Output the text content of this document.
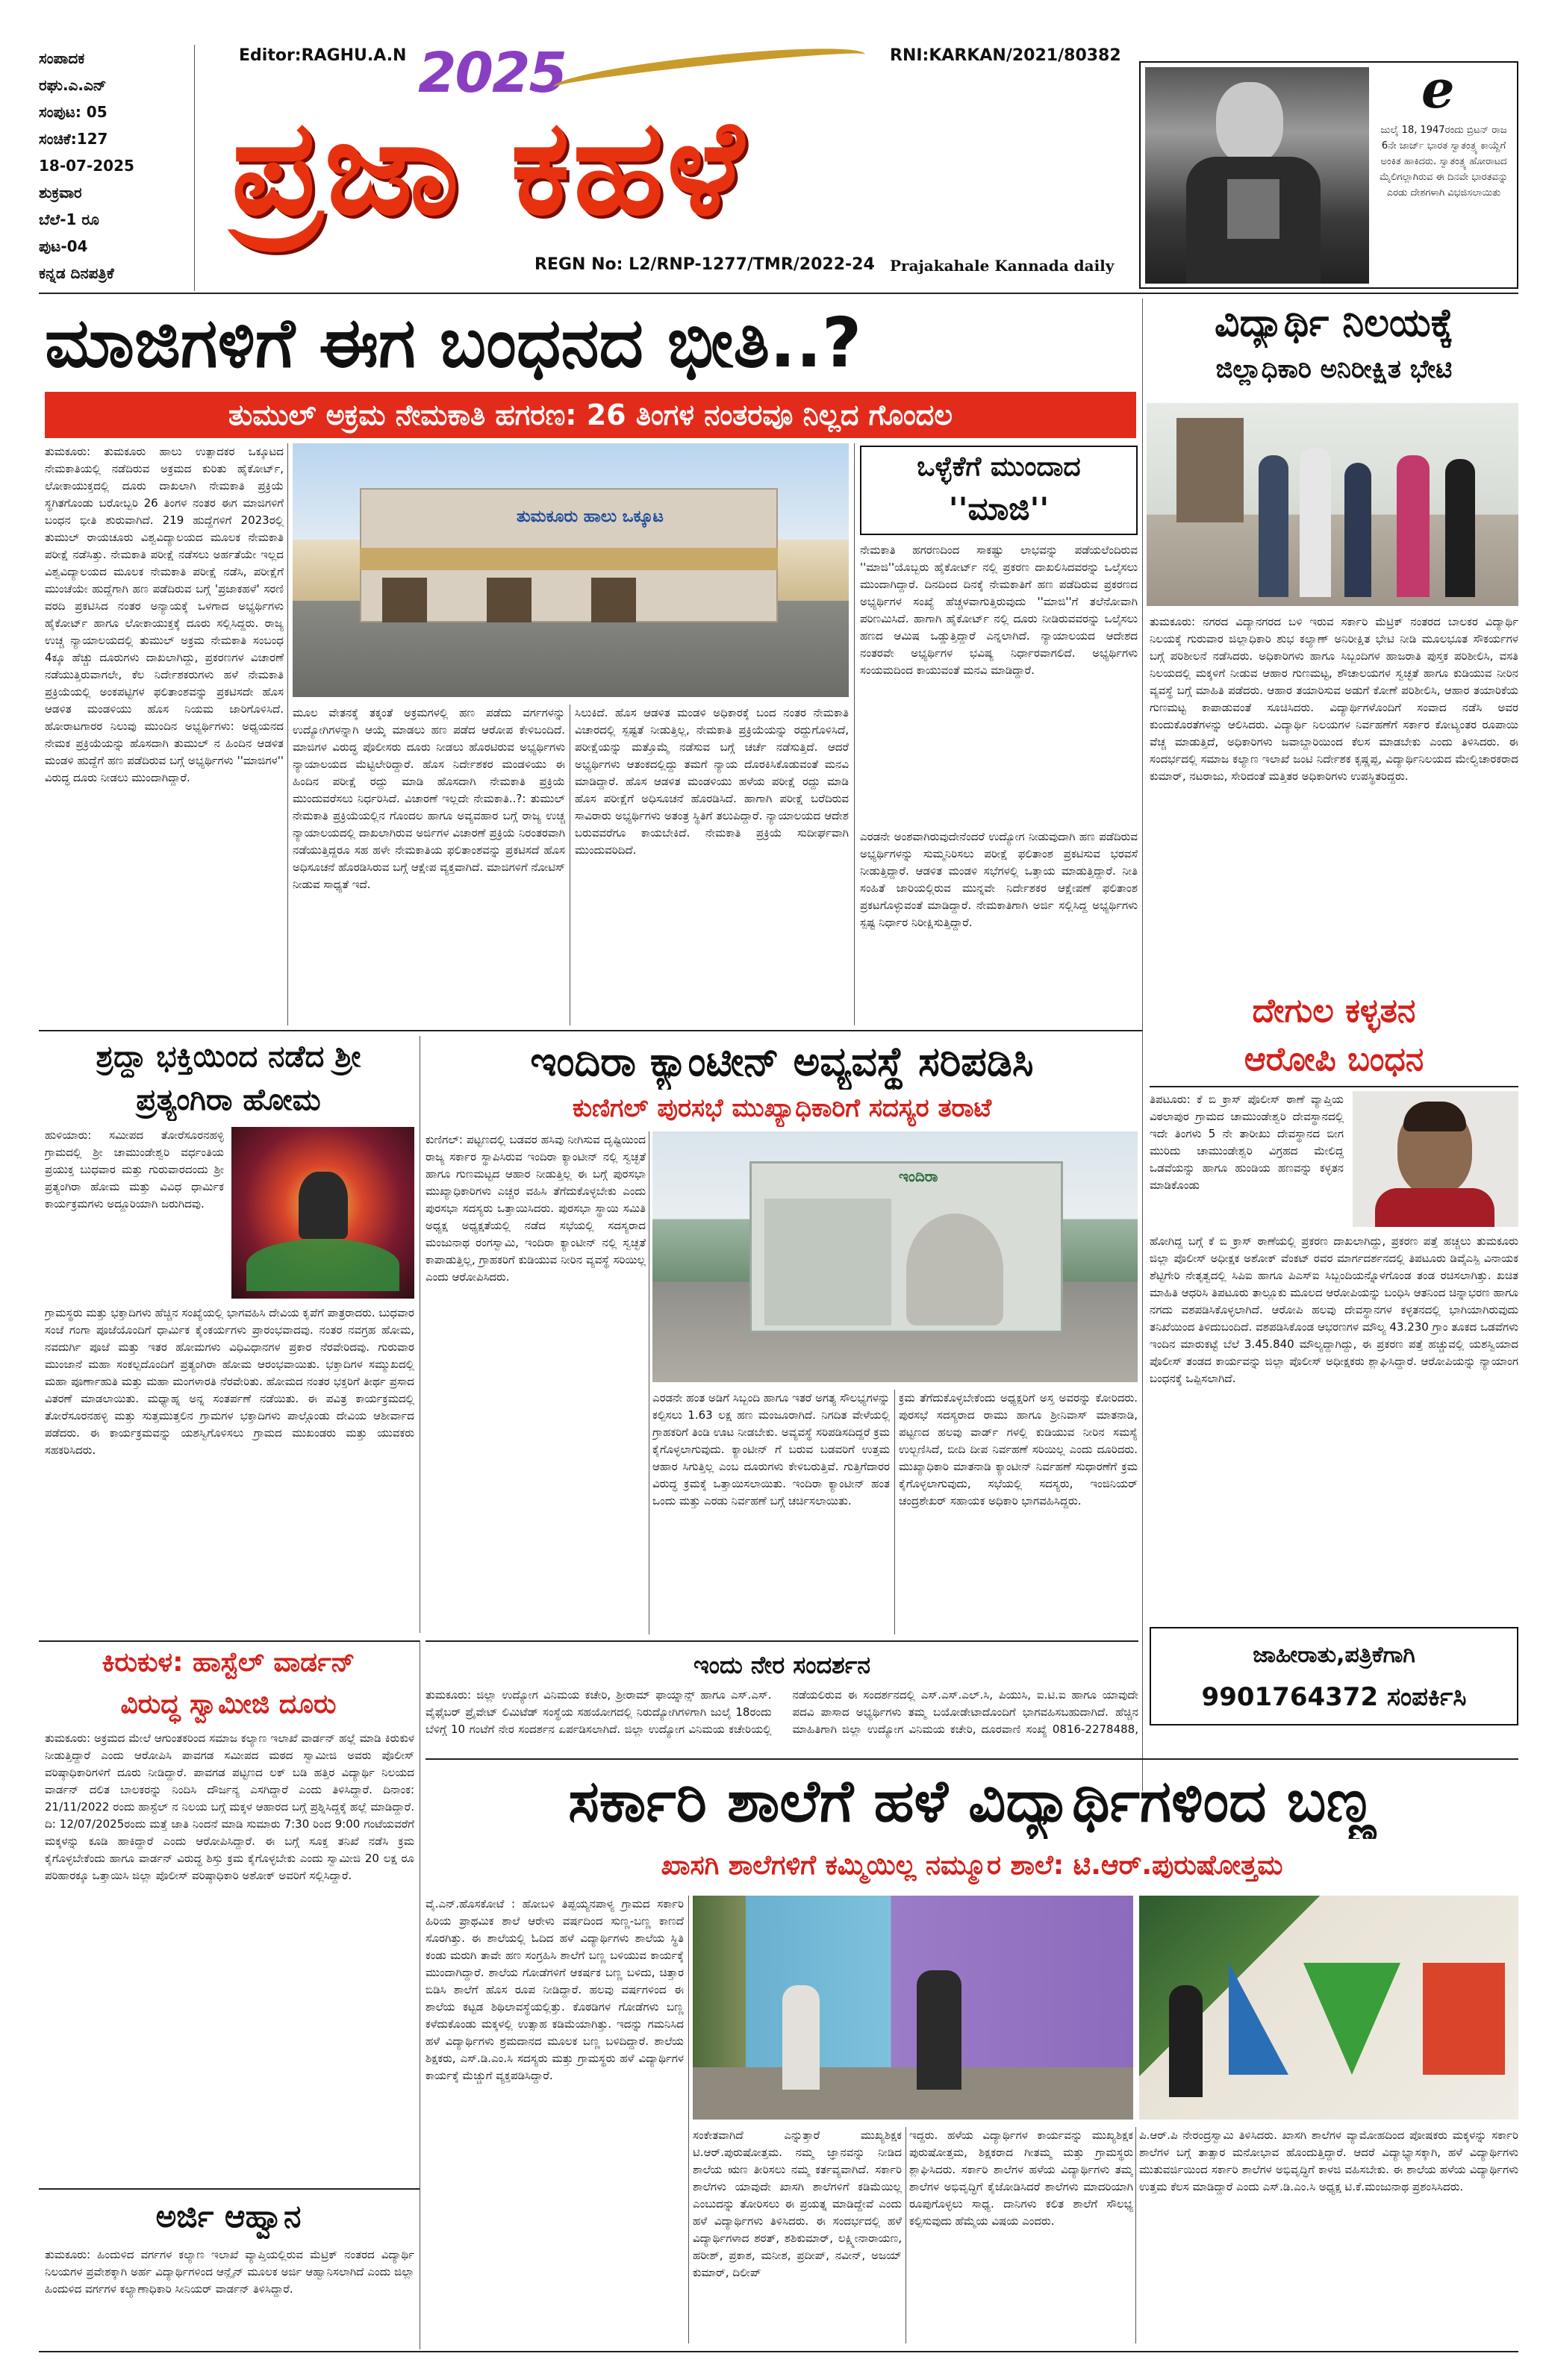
ಸಂಪಾದಕ
ರಘು.ಎ.ಎನ್
ಸಂಪುಟ: 05
ಸಂಚಿಕೆ:127
18-07-2025
ಶುಕ್ರವಾರ
ಬೆಲೆ-1 ರೂ
ಪುಟ-04
ಕನ್ನಡ ದಿನಪತ್ರಿಕೆ
Editor:RAGHU.A.N	RNI:KARKAN/2021/80382
2025
ಪ್ರಜಾ ಕಹಳೆ
REGN No: L2/RNP-1277/TMR/2022-24 Prajakahale Kannada daily
e
ಜುಲೈ 18, 1947ರಂದು ಬ್ರಿಟನ್ ರಾಜ 6ನೇ ಜಾರ್ಜ್ ಭಾರತ ಸ್ವಾತಂತ್ರ್ಯ ಕಾಯ್ದೆಗೆ ಅಂಕಿತ ಹಾಕಿದರು. ಸ್ವಾತಂತ್ರ್ಯ ಹೋರಾಟದ ಮೈಲಿಗಲ್ಲಾಗಿರುವ ಈ ದಿನವೇ ಭಾರತವನ್ನು ಎರಡು ದೇಶಗಳಾಗಿ ವಿಭಜಿಸಲಾಯಿತು
ಮಾಜಿಗಳಿಗೆ ಈಗ ಬಂಧನದ ಭೀತಿ..?
ತುಮುಲ್ ಅಕ್ರಮ ನೇಮಕಾತಿ ಹಗರಣ: 26 ತಿಂಗಳ ನಂತರವೂ ನಿಲ್ಲದ ಗೊಂದಲ
ತುಮಕೂರು: ತುಮಕೂರು ಹಾಲು ಉತ್ಪಾದಕರ ಒಕ್ಕೂಟದ ನೇಮಕಾತಿಯಲ್ಲಿ ನಡೆದಿರುವ ಅಕ್ರಮದ ಕುರಿತು ಹೈಕೋರ್ಟ್, ಲೋಕಾಯುಕ್ತದಲ್ಲಿ ದೂರು ದಾಖಲಾಗಿ ನೇಮಕಾತಿ ಪ್ರಕ್ರಿಯೆ ಸ್ಥಗಿತಗೊಂಡು ಬರೋಬ್ಬರಿ 26 ತಿಂಗಳ ನಂತರ ಈಗ ಮಾಜಿಗಳಿಗೆ ಬಂಧನ ಭೀತಿ ಶುರುವಾಗಿದೆ. 219 ಹುದ್ದೆಗಳಿಗೆ 2023ರಲ್ಲಿ ತುಮುಲ್ ರಾಯಚೂರು ವಿಶ್ವವಿದ್ಯಾಲಯದ ಮೂಲಕ ನೇಮಕಾತಿ ಪರೀಕ್ಷೆ ನಡೆಸಿತ್ತು. ನೇಮಕಾತಿ ಪರೀಕ್ಷೆ ನಡೆಸಲು ಅರ್ಹತೆಯೇ ಇಲ್ಲದ ವಿಶ್ವವಿದ್ಯಾಲಯದ ಮೂಲಕ ನೇಮಕಾತಿ ಪರೀಕ್ಷೆ ನಡೆಸಿ, ಪರೀಕ್ಷೆಗೆ ಮುಂಚೆಯೇ ಹುದ್ದೆಗಾಗಿ ಹಣ ಪಡೆದಿರುವ ಬಗ್ಗೆ 'ಪ್ರಜಾಕಹಳೆ' ಸರಣಿ ವರದಿ ಪ್ರಕಟಿಸಿದ ನಂತರ ಅನ್ಯಾಯಕ್ಕೆ ಒಳಗಾದ ಅಭ್ಯರ್ಥಿಗಳು ಹೈಕೋರ್ಟ್ ಹಾಗೂ ಲೋಕಾಯುಕ್ತಕ್ಕೆ ದೂರು ಸಲ್ಲಿಸಿದ್ದರು. ರಾಜ್ಯ ಉಚ್ಚ ನ್ಯಾಯಾಲಯದಲ್ಲಿ ತುಮುಲ್ ಅಕ್ರಮ ನೇಮಕಾತಿ ಸಂಬಂಧ 4ಕ್ಕೂ ಹೆಚ್ಚು ದೂರುಗಳು ದಾಖಲಾಗಿದ್ದು, ಪ್ರಕರಣಗಳ ವಿಚಾರಣೆ ನಡೆಯುತ್ತಿರುವಾಗಲೇ, ಕೆಲ ನಿರ್ದೇಶಕರುಗಳು ಹಳೆ ನೇಮಕಾತಿ ಪ್ರಕ್ರಿಯೆಯಲ್ಲಿ ಅಂಕಪಟ್ಟಿಗಳ ಫಲಿತಾಂಶವನ್ನು ಪ್ರಕಟಿಸದೇ ಹೊಸ ಆಡಳಿತ ಮಂಡಳಿಯು ಹೊಸ ನಿಯಮ ಜಾರಿಗೊಳಿಸಿದೆ. ಹೋರಾಟಗಾರರ ನಿಲುವು ಮುಂದಿನ ಅಭ್ಯರ್ಥಿಗಳು: ಅಧ್ಯಯನದ ನೇಮಕ ಪ್ರಕ್ರಿಯೆಯನ್ನು ಹೊಸದಾಗಿ ತುಮುಲ್ ನ ಹಿಂದಿನ ಆಡಳಿತ ಮಂಡಳಿ ಹುದ್ದೆಗೆ ಹಣ ಪಡೆದಿರುವ ಬಗ್ಗೆ ಅಭ್ಯರ್ಥಿಗಳು ''ಮಾಜಿಗಳ'' ವಿರುದ್ಧ ದೂರು ನೀಡಲು ಮುಂದಾಗಿದ್ದಾರೆ.
ತುಮಕೂರು ಹಾಲು ಒಕ್ಕೂಟ
ಮೂಲ ವೇತನಕ್ಕೆ ತಕ್ಕಂತೆ ಅಕ್ರಮಗಳಲ್ಲಿ ಹಣ ಪಡೆದು ವರ್ಗಗಳನ್ನು ಉದ್ಯೋಗಿಗಳನ್ನಾಗಿ ಆಯ್ಕೆ ಮಾಡಲು ಹಣ ಪಡೆದ ಆರೋಪ ಕೇಳಿಬಂದಿದೆ. ಮಾಜಿಗಳ ವಿರುದ್ಧ ಪೊಲೀಸರು ದೂರು ನೀಡಲು ಹೊರಟಿರುವ ಅಭ್ಯರ್ಥಿಗಳು ನ್ಯಾಯಾಲಯದ ಮೆಟ್ಟಿಲೇರಿದ್ದಾರೆ. ಹೊಸ ನಿರ್ದೇಶಕರ ಮಂಡಳಿಯು ಈ ಹಿಂದಿನ ಪರೀಕ್ಷೆ ರದ್ದು ಮಾಡಿ ಹೊಸದಾಗಿ ನೇಮಕಾತಿ ಪ್ರಕ್ರಿಯೆ ಮುಂದುವರೆಸಲು ನಿರ್ಧರಿಸಿದೆ. ವಿಚಾರಣೆ ಇಲ್ಲದೇ ನೇಮಕಾತಿ..?: ತುಮುಲ್ ನೇಮಕಾತಿ ಪ್ರಕ್ರಿಯೆಯಲ್ಲಿನ ಗೊಂದಲ ಹಾಗೂ ಅವ್ಯವಹಾರ ಬಗ್ಗೆ ರಾಜ್ಯ ಉಚ್ಚ ನ್ಯಾಯಾಲಯದಲ್ಲಿ ದಾಖಲಾಗಿರುವ ಅರ್ಜಿಗಳ ವಿಚಾರಣೆ ಪ್ರಕ್ರಿಯೆ ನಿರಂತರವಾಗಿ ನಡೆಯುತ್ತಿದ್ದರೂ ಸಹ ಹಳೇ ನೇಮಕಾತಿಯ ಫಲಿತಾಂಶವನ್ನು ಪ್ರಕಟಿಸದೆ ಹೊಸ ಅಧಿಸೂಚನೆ ಹೊರಡಿಸಿರುವ ಬಗ್ಗೆ ಆಕ್ಷೇಪ ವ್ಯಕ್ತವಾಗಿದೆ. ಮಾಜಿಗಳಿಗೆ ನೋಟಿಸ್ ನೀಡುವ ಸಾಧ್ಯತೆ ಇದೆ.
ಸಿಲುಕಿದೆ. ಹೊಸ ಆಡಳಿತ ಮಂಡಳಿ ಅಧಿಕಾರಕ್ಕೆ ಬಂದ ನಂತರ ನೇಮಕಾತಿ ವಿಚಾರದಲ್ಲಿ ಸ್ಪಷ್ಟತೆ ನೀಡುತ್ತಿಲ್ಲ, ನೇಮಕಾತಿ ಪ್ರಕ್ರಿಯೆಯನ್ನು ರದ್ದುಗೊಳಿಸಿದೆ, ಪರೀಕ್ಷೆಯನ್ನು ಮತ್ತೊಮ್ಮೆ ನಡೆಸುವ ಬಗ್ಗೆ ಚರ್ಚೆ ನಡೆಸುತ್ತಿದೆ. ಆದರೆ ಅಭ್ಯರ್ಥಿಗಳು ಆತಂಕದಲ್ಲಿದ್ದು ತಮಗೆ ನ್ಯಾಯ ದೊರಕಿಸಿಕೊಡುವಂತೆ ಮನವಿ ಮಾಡಿದ್ದಾರೆ. ಹೊಸ ಆಡಳಿತ ಮಂಡಳಿಯು ಹಳೆಯ ಪರೀಕ್ಷೆ ರದ್ದು ಮಾಡಿ ಹೊಸ ಪರೀಕ್ಷೆಗೆ ಅಧಿಸೂಚನೆ ಹೊರಡಿಸಿದೆ. ಹಾಗಾಗಿ ಪರೀಕ್ಷೆ ಬರೆದಿರುವ ಸಾವಿರಾರು ಅಭ್ಯರ್ಥಿಗಳು ಅತಂತ್ರ ಸ್ಥಿತಿಗೆ ತಲುಪಿದ್ದಾರೆ. ನ್ಯಾಯಾಲಯದ ಆದೇಶ ಬರುವವರೆಗೂ ಕಾಯಬೇಕಿದೆ. ನೇಮಕಾತಿ ಪ್ರಕ್ರಿಯೆ ಸುದೀರ್ಘವಾಗಿ ಮುಂದುವರಿದಿದೆ.
ಒಳ್ಳೆಕೆಗೆ ಮುಂದಾದ
''ಮಾಜಿ''
ನೇಮಕಾತಿ ಹಗರಣದಿಂದ ಸಾಕಷ್ಟು ಲಾಭವನ್ನು ಪಡೆಯಲೆಂದಿರುವ ''ಮಾಜಿ''ಯೊಬ್ಬರು ಹೈಕೋರ್ಟ್ ನಲ್ಲಿ ಪ್ರಕರಣ ದಾಖಲಿಸಿದವರನ್ನು ಒಲೈಸಲು ಮುಂದಾಗಿದ್ದಾರೆ. ದಿನದಿಂದ ದಿನಕ್ಕೆ ನೇಮಕಾತಿಗೆ ಹಣ ಪಡೆದಿರುವ ಪ್ರಕರಣದ ಅಭ್ಯರ್ಥಿಗಳ ಸಂಖ್ಯೆ ಹೆಚ್ಚಳವಾಗುತ್ತಿರುವುದು ''ಮಾಜಿ''ಗೆ ತಲೆನೋವಾಗಿ ಪರಿಣಮಿಸಿದೆ. ಹಾಗಾಗಿ ಹೈಕೋರ್ಟ್ ನಲ್ಲಿ ದೂರು ನೀಡಿರುವವರನ್ನು ಒಲೈಸಲು ಹಣದ ಆಮಿಷ ಒಡ್ಡುತ್ತಿದ್ದಾರೆ ಎನ್ನಲಾಗಿದೆ. ನ್ಯಾಯಾಲಯದ ಆದೇಶದ ನಂತರವೇ ಅಭ್ಯರ್ಥಿಗಳ ಭವಿಷ್ಯ ನಿರ್ಧಾರವಾಗಲಿದೆ. ಅಭ್ಯರ್ಥಿಗಳು ಸಂಯಮದಿಂದ ಕಾಯುವಂತೆ ಮನವಿ ಮಾಡಿದ್ದಾರೆ.
ಎರಡನೇ ಅಂಶವಾಗಿರುವುದೇನೆಂದರೆ ಉದ್ಯೋಗ ನೀಡುವುದಾಗಿ ಹಣ ಪಡೆದಿರುವ ಅಭ್ಯರ್ಥಿಗಳನ್ನು ಸುಮ್ಮನಿರಿಸಲು ಪರೀಕ್ಷೆ ಫಲಿತಾಂಶ ಪ್ರಕಟಿಸುವ ಭರವಸೆ ನೀಡುತ್ತಿದ್ದಾರೆ. ಆಡಳಿತ ಮಂಡಳಿ ಸಭೆಗಳಲ್ಲಿ ಒತ್ತಾಯ ಮಾಡುತ್ತಿದ್ದಾರೆ. ನೀತಿ ಸಂಹಿತೆ ಜಾರಿಯಲ್ಲಿರುವ ಮುನ್ನವೇ ನಿರ್ದೇಶಕರ ಆಕ್ಷೇಪಣೆ ಫಲಿತಾಂಶ ಪ್ರಕಟಗೊಳ್ಳುವಂತೆ ಮಾಡಿದ್ದಾರೆ. ನೇಮಕಾತಿಗಾಗಿ ಅರ್ಜಿ ಸಲ್ಲಿಸಿದ್ದ ಅಭ್ಯರ್ಥಿಗಳು ಸ್ಪಷ್ಟ ನಿರ್ಧಾರ ನಿರೀಕ್ಷಿಸುತ್ತಿದ್ದಾರೆ.
ವಿದ್ಯಾರ್ಥಿ ನಿಲಯಕ್ಕೆ
ಜಿಲ್ಲಾಧಿಕಾರಿ ಅನಿರೀಕ್ಷಿತ ಭೇಟಿ
ತುಮಕೂರು: ನಗರದ ವಿದ್ಯಾನಗರದ ಬಳಿ ಇರುವ ಸರ್ಕಾರಿ ಮೆಟ್ರಿಕ್ ನಂತರದ ಬಾಲಕರ ವಿದ್ಯಾರ್ಥಿ ನಿಲಯಕ್ಕೆ ಗುರುವಾರ ಜಿಲ್ಲಾಧಿಕಾರಿ ಶುಭ ಕಲ್ಯಾಣ್ ಅನಿರೀಕ್ಷಿತ ಭೇಟಿ ನೀಡಿ ಮೂಲಭೂತ ಸೌಕರ್ಯಗಳ ಬಗ್ಗೆ ಪರಿಶೀಲನೆ ನಡೆಸಿದರು. ಅಧಿಕಾರಿಗಳು ಹಾಗೂ ಸಿಬ್ಬಂದಿಗಳ ಹಾಜರಾತಿ ಪುಸ್ತಕ ಪರಿಶೀಲಿಸಿ, ವಸತಿ ನಿಲಯದಲ್ಲಿ ಮಕ್ಕಳಿಗೆ ನೀಡುವ ಆಹಾರ ಗುಣಮಟ್ಟ, ಶೌಚಾಲಯಗಳ ಸ್ವಚ್ಛತೆ ಹಾಗೂ ಕುಡಿಯುವ ನೀರಿನ ವ್ಯವಸ್ಥೆ ಬಗ್ಗೆ ಮಾಹಿತಿ ಪಡೆದರು. ಆಹಾರ ತಯಾರಿಸುವ ಅಡುಗೆ ಕೋಣೆ ಪರಿಶೀಲಿಸಿ, ಆಹಾರ ತಯಾರಿಕೆಯ ಗುಣಮಟ್ಟ ಕಾಪಾಡುವಂತೆ ಸೂಚಿಸಿದರು. ವಿದ್ಯಾರ್ಥಿಗಳೊಂದಿಗೆ ಸಂವಾದ ನಡೆಸಿ ಅವರ ಕುಂದುಕೊರತೆಗಳನ್ನು ಆಲಿಸಿದರು. ವಿದ್ಯಾರ್ಥಿ ನಿಲಯಗಳ ನಿರ್ವಹಣೆಗೆ ಸರ್ಕಾರ ಕೋಟ್ಯಂತರ ರೂಪಾಯಿ ವೆಚ್ಚ ಮಾಡುತ್ತಿದೆ, ಅಧಿಕಾರಿಗಳು ಜವಾಬ್ದಾರಿಯಿಂದ ಕೆಲಸ ಮಾಡಬೇಕು ಎಂದು ತಿಳಿಸಿದರು. ಈ ಸಂದರ್ಭದಲ್ಲಿ ಸಮಾಜ ಕಲ್ಯಾಣ ಇಲಾಖೆ ಜಂಟಿ ನಿರ್ದೇಶಕ ಕೃಷ್ಣಪ್ಪ, ವಿದ್ಯಾರ್ಥಿನಿಲಯದ ಮೇಲ್ವಿಚಾರಕರಾದ ಕುಮಾರ್, ನಟರಾಜು, ಸೇರಿದಂತೆ ಮತ್ತಿತರ ಅಧಿಕಾರಿಗಳು ಉಪಸ್ಥಿತರಿದ್ದರು.
ದೇಗುಲ ಕಳ್ಳತನ
ಆರೋಪಿ ಬಂಧನ
ತಿಪಟೂರು: ಕೆ ಬಿ ಕ್ರಾಸ್ ಪೊಲೀಸ್ ಠಾಣೆ ವ್ಯಾಪ್ತಿಯ ವಿಠಲಾಪುರ ಗ್ರಾಮದ ಚಾಮುಂಡೇಶ್ವರಿ ದೇವಸ್ಥಾನದಲ್ಲಿ ಇದೇ ತಿಂಗಳು 5 ನೇ ತಾರೀಖು ದೇವಸ್ಥಾನದ ಬೀಗ ಮುರಿದು ಚಾಮುಂಡೇಶ್ವರಿ ವಿಗ್ರಹದ ಮೇಲಿದ್ದ ಒಡವೆಯನ್ನು ಹಾಗೂ ಹುಂಡಿಯ ಹಣವನ್ನು ಕಳ್ಳತನ ಮಾಡಿಕೊಂಡು
ಹೋಗಿದ್ದ ಬಗ್ಗೆ ಕೆ ಬಿ ಕ್ರಾಸ್ ಠಾಣೆಯಲ್ಲಿ ಪ್ರಕರಣ ದಾಖಲಾಗಿದ್ದು, ಪ್ರಕರಣ ಪತ್ತೆ ಹಚ್ಚಲು ತುಮಕೂರು ಜಿಲ್ಲಾ ಪೊಲೀಸ್ ಅಧೀಕ್ಷಕ ಅಶೋಕ್ ವೆಂಕಟ್ ರವರ ಮಾರ್ಗದರ್ಶನದಲ್ಲಿ ತಿಪಟೂರು ಡಿವೈಎಸ್ಪಿ ವಿನಾಯಕ ಶೆಟ್ಟಿಗೇರಿ ನೇತೃತ್ವದಲ್ಲಿ ಸಿಪಿಐ ಹಾಗೂ ಪಿಎಸ್ಐ ಸಿಬ್ಬಂದಿಯನ್ನೊಳಗೊಂಡ ತಂಡ ರಚಿಸಲಾಗಿತ್ತು. ಖಚಿತ ಮಾಹಿತಿ ಆಧರಿಸಿ ತಿಪಟೂರು ತಾಲ್ಲೂಕು ಮೂಲದ ಆರೋಪಿಯನ್ನು ಬಂಧಿಸಿ ಆತನಿಂದ ಚಿನ್ನಾಭರಣ ಹಾಗೂ ನಗದು ವಶಪಡಿಸಿಕೊಳ್ಳಲಾಗಿದೆ. ಆರೋಪಿ ಹಲವು ದೇವಸ್ಥಾನಗಳ ಕಳ್ಳತನದಲ್ಲಿ ಭಾಗಿಯಾಗಿರುವುದು ತನಿಖೆಯಿಂದ ತಿಳಿದುಬಂದಿದೆ. ವಶಪಡಿಸಿಕೊಂಡ ಆಭರಣಗಳ ಮೌಲ್ಯ 43.230 ಗ್ರಾಂ ತೂಕದ ಒಡವೆಗಳು ಇಂದಿನ ಮಾರುಕಟ್ಟೆ ಬೆಲೆ 3.45.840 ಮೌಲ್ಯದ್ದಾಗಿದ್ದು, ಈ ಪ್ರಕರಣ ಪತ್ತೆ ಹಚ್ಚುವಲ್ಲಿ ಯಶಸ್ವಿಯಾದ ಪೊಲೀಸ್ ತಂಡದ ಕಾರ್ಯವನ್ನು ಜಿಲ್ಲಾ ಪೊಲೀಸ್ ಅಧೀಕ್ಷಕರು ಶ್ಲಾಘಿಸಿದ್ದಾರೆ. ಆರೋಪಿಯನ್ನು ನ್ಯಾಯಾಂಗ ಬಂಧನಕ್ಕೆ ಒಪ್ಪಿಸಲಾಗಿದೆ.
ಜಾಹೀರಾತು,ಪತ್ರಿಕೆಗಾಗಿ
9901764372 ಸಂಪರ್ಕಿಸಿ
ಶ್ರದ್ಧಾ ಭಕ್ತಿಯಿಂದ ನಡೆದ ಶ್ರೀ
ಪ್ರತ್ಯಂಗಿರಾ ಹೋಮ
ಹುಳಿಯಾರು: ಸಮೀಪದ ತೋರೆಸೂರನಹಳ್ಳಿ ಗ್ರಾಮದಲ್ಲಿ ಶ್ರೀ ಚಾಮುಂಡೇಶ್ವರಿ ವರ್ಧಂತಿಯ ಪ್ರಯುಕ್ತ ಬುಧವಾರ ಮತ್ತು ಗುರುವಾರದಂದು ಶ್ರೀ ಪ್ರತ್ಯಂಗಿರಾ ಹೋಮ ಮತ್ತು ವಿವಿಧ ಧಾರ್ಮಿಕ ಕಾರ್ಯಕ್ರಮಗಳು ಅದ್ದೂರಿಯಾಗಿ ಜರುಗಿದವು.
ಗ್ರಾಮಸ್ಥರು ಮತ್ತು ಭಕ್ತಾದಿಗಳು ಹೆಚ್ಚಿನ ಸಂಖ್ಯೆಯಲ್ಲಿ ಭಾಗವಹಿಸಿ ದೇವಿಯ ಕೃಪೆಗೆ ಪಾತ್ರರಾದರು. ಬುಧವಾರ ಸಂಜೆ ಗಂಗಾ ಪೂಜೆಯೊಂದಿಗೆ ಧಾರ್ಮಿಕ ಕೈಂಕರ್ಯಗಳು ಪ್ರಾರಂಭವಾದವು. ನಂತರ ನವಗ್ರಹ ಹೋಮ, ನವದುರ್ಗಿ ಪೂಜೆ ಮತ್ತು ಇತರ ಹೋಮಗಳು ವಿಧಿವಿಧಾನಗಳ ಪ್ರಕಾರ ನೆರವೇರಿದವು. ಗುರುವಾರ ಮುಂಜಾನೆ ಮಹಾ ಸಂಕಲ್ಪದೊಂದಿಗೆ ಪ್ರತ್ಯಂಗಿರಾ ಹೋಮ ಆರಂಭವಾಯಿತು. ಭಕ್ತಾದಿಗಳ ಸಮ್ಮುಖದಲ್ಲಿ ಮಹಾ ಪೂರ್ಣಾಹುತಿ ಮತ್ತು ಮಹಾ ಮಂಗಳಾರತಿ ನೆರವೇರಿತು. ಹೋಮದ ನಂತರ ಭಕ್ತರಿಗೆ ತೀರ್ಥ ಪ್ರಸಾದ ವಿತರಣೆ ಮಾಡಲಾಯಿತು. ಮಧ್ಯಾಹ್ನ ಅನ್ನ ಸಂತರ್ಪಣೆ ನಡೆಯಿತು. ಈ ಪವಿತ್ರ ಕಾರ್ಯಕ್ರಮದಲ್ಲಿ ತೋರೆಸೂರನಹಳ್ಳಿ ಮತ್ತು ಸುತ್ತಮುತ್ತಲಿನ ಗ್ರಾಮಗಳ ಭಕ್ತಾದಿಗಳು ಪಾಲ್ಗೊಂಡು ದೇವಿಯ ಆಶೀರ್ವಾದ ಪಡೆದರು. ಈ ಕಾರ್ಯಕ್ರಮವನ್ನು ಯಶಸ್ವಿಗೊಳಿಸಲು ಗ್ರಾಮದ ಮುಖಂಡರು ಮತ್ತು ಯುವಕರು ಸಹಕರಿಸಿದರು.
ಇಂದಿರಾ ಕ್ಯಾಂಟೀನ್ ಅವ್ಯವಸ್ಥೆ ಸರಿಪಡಿಸಿ
ಕುಣಿಗಲ್ ಪುರಸಭೆ ಮುಖ್ಯಾಧಿಕಾರಿಗೆ ಸದಸ್ಯರ ತರಾಟೆ
ಕುಣಿಗಲ್: ಪಟ್ಟಣದಲ್ಲಿ ಬಡವರ ಹಸಿವು ನೀಗಿಸುವ ದೃಷ್ಟಿಯಿಂದ ರಾಜ್ಯ ಸರ್ಕಾರ ಸ್ಥಾಪಿಸಿರುವ ಇಂದಿರಾ ಕ್ಯಾಂಟೀನ್ ನಲ್ಲಿ ಸ್ವಚ್ಛತೆ ಹಾಗೂ ಗುಣಮಟ್ಟದ ಆಹಾರ ನೀಡುತ್ತಿಲ್ಲ ಈ ಬಗ್ಗೆ ಪುರಸಭಾ ಮುಖ್ಯಾಧಿಕಾರಿಗಳು ಎಚ್ಚರ ವಹಿಸಿ ತೆಗೆದುಕೊಳ್ಳಬೇಕು ಎಂದು ಪುರಸಭಾ ಸದಸ್ಯರು ಒತ್ತಾಯಿಸಿದರು. ಪುರಸಭಾ ಸ್ಥಾಯಿ ಸಮಿತಿ ಅಧ್ಯಕ್ಷ ಅಧ್ಯಕ್ಷತೆಯಲ್ಲಿ ನಡೆದ ಸಭೆಯಲ್ಲಿ ಸದಸ್ಯರಾದ ಮಂಜುನಾಥ ರಂಗಸ್ವಾಮಿ, ಇಂದಿರಾ ಕ್ಯಾಂಟೀನ್ ನಲ್ಲಿ ಸ್ವಚ್ಛತೆ ಕಾಪಾಡುತ್ತಿಲ್ಲ, ಗ್ರಾಹಕರಿಗೆ ಕುಡಿಯುವ ನೀರಿನ ವ್ಯವಸ್ಥೆ ಸರಿಯಿಲ್ಲ ಎಂದು ಆರೋಪಿಸಿದರು.
ಇಂದಿರಾ
ಎರಡನೇ ಹಂತ ಅಡಿಗೆ ಸಿಬ್ಬಂದಿ ಹಾಗೂ ಇತರೆ ಅಗತ್ಯ ಸೌಲಭ್ಯಗಳನ್ನು ಕಲ್ಪಿಸಲು 1.63 ಲಕ್ಷ ಹಣ ಮಂಜೂರಾಗಿದೆ. ನಿಗದಿತ ವೇಳೆಯಲ್ಲಿ ಗ್ರಾಹಕರಿಗೆ ತಿಂಡಿ ಊಟ ನೀಡಬೇಕು. ಅವ್ಯವಸ್ಥೆ ಸರಿಪಡಿಸದಿದ್ದರೆ ಕ್ರಮ ಕೈಗೊಳ್ಳಲಾಗುವುದು. ಕ್ಯಾಂಟೀನ್ ಗೆ ಬರುವ ಬಡವರಿಗೆ ಉತ್ತಮ ಆಹಾರ ಸಿಗುತ್ತಿಲ್ಲ ಎಂಬ ದೂರುಗಳು ಕೇಳಿಬರುತ್ತಿವೆ. ಗುತ್ತಿಗೆದಾರರ ವಿರುದ್ಧ ಕ್ರಮಕ್ಕೆ ಒತ್ತಾಯಿಸಲಾಯಿತು. ಇಂದಿರಾ ಕ್ಯಾಂಟೀನ್ ಹಂತ ಒಂದು ಮತ್ತು ಎರಡು ನಿರ್ವಹಣೆ ಬಗ್ಗೆ ಚರ್ಚಿಸಲಾಯಿತು.
ಕ್ರಮ ತೆಗೆದುಕೊಳ್ಳಬೇಕೆಂದು ಅಧ್ಯಕ್ಷರಿಗೆ ಅಸ್ತ ಅವರನ್ನು ಕೋರಿದರು. ಪುರಸಭೆ ಸದಸ್ಯರಾದ ರಾಮು ಹಾಗೂ ಶ್ರೀನಿವಾಸ್ ಮಾತನಾಡಿ, ಪಟ್ಟಣದ ಹಲವು ವಾರ್ಡ್ ಗಳಲ್ಲಿ ಕುಡಿಯುವ ನೀರಿನ ಸಮಸ್ಯೆ ಉಲ್ಬಣಿಸಿದೆ, ಬೀದಿ ದೀಪ ನಿರ್ವಹಣೆ ಸರಿಯಿಲ್ಲ ಎಂದು ದೂರಿದರು. ಮುಖ್ಯಾಧಿಕಾರಿ ಮಾತನಾಡಿ ಕ್ಯಾಂಟೀನ್ ನಿರ್ವಹಣೆ ಸುಧಾರಣೆಗೆ ಕ್ರಮ ಕೈಗೊಳ್ಳಲಾಗುವುದು, ಸಭೆಯಲ್ಲಿ ಸದಸ್ಯರು, ಇಂಜಿನಿಯರ್ ಚಂದ್ರಶೇಖರ್ ಸಹಾಯಕ ಅಧಿಕಾರಿ ಭಾಗವಹಿಸಿದ್ದರು.
ಇಂದು ನೇರ ಸಂದರ್ಶನ
ತುಮಕೂರು: ಜಿಲ್ಲಾ ಉದ್ಯೋಗ ವಿನಿಮಯ ಕಚೇರಿ, ಶ್ರೀರಾಮ್ ಫಾಯ್ನಾನ್ಸ್ ಹಾಗೂ ಎಸ್.ಎಸ್. ವೈಫೈಬರ್ ಪ್ರೈವೇಟ್ ಲಿಮಿಟೆಡ್ ಸಂಸ್ಥೆಯ ಸಹಯೋಗದಲ್ಲಿ ನಿರುದ್ಯೋಗಿಗಳಿಗಾಗಿ ಜುಲೈ 18ರಂದು ಬೆಳಿಗ್ಗೆ 10 ಗಂಟೆಗೆ ನೇರ ಸಂದರ್ಶನ ಏರ್ಪಡಿಸಲಾಗಿದೆ. ಜಿಲ್ಲಾ ಉದ್ಯೋಗ ವಿನಿಮಯ ಕಚೇರಿಯಲ್ಲಿ ನಡೆಯಲಿರುವ ಈ ಸಂದರ್ಶನದಲ್ಲಿ ಎಸ್.ಎಸ್.ಎಲ್.ಸಿ, ಪಿಯುಸಿ, ಐ.ಟಿ.ಐ ಹಾಗೂ ಯಾವುದೇ ಪದವಿ ಪಾಸಾದ ಅಭ್ಯರ್ಥಿಗಳು ತಮ್ಮ ಬಯೋಡೇಟಾದೊಂದಿಗೆ ಭಾಗವಹಿಸಬಹುದಾಗಿದೆ. ಹೆಚ್ಚಿನ ಮಾಹಿತಿಗಾಗಿ ಜಿಲ್ಲಾ ಉದ್ಯೋಗ ವಿನಿಮಯ ಕಚೇರಿ, ದೂರವಾಣಿ ಸಂಖ್ಯೆ 0816-2278488,
ಕಿರುಕುಳ: ಹಾಸ್ಟೆಲ್ ವಾರ್ಡನ್
ವಿರುದ್ಧ ಸ್ವಾಮೀಜಿ ದೂರು
ತುಮಕೂರು: ಅಕ್ರಮದ ಮೇಲೆ ಆಗುಂತಕರಿಂದ ಸಮಾಜ ಕಲ್ಯಾಣ ಇಲಾಖೆ ವಾರ್ಡನ್ ಹಲ್ಲೆ ಮಾಡಿ ಕಿರುಕುಳ ನೀಡುತ್ತಿದ್ದಾರೆ ಎಂದು ಆರೋಪಿಸಿ ಪಾವಗಡ ಸಮೀಪದ ಮಠದ ಸ್ವಾಮೀಜಿ ಅವರು ಪೊಲೀಸ್ ವರಿಷ್ಠಾಧಿಕಾರಿಗಳಿಗೆ ದೂರು ನೀಡಿದ್ದಾರೆ. ಪಾವಗಡ ಪಟ್ಟಣದ ಲಕ್ ಬಡಿ ಹತ್ತಿರ ವಿದ್ಯಾರ್ಥಿ ನಿಲಯದ ವಾರ್ಡನ್ ದಲಿತ ಬಾಲಕರನ್ನು ನಿಂದಿಸಿ ದೌರ್ಜನ್ಯ ಎಸಗಿದ್ದಾರೆ ಎಂದು ತಿಳಿಸಿದ್ದಾರೆ. ದಿನಾಂಕ: 21/11/2022 ರಂದು ಹಾಸ್ಟೆಲ್ ನ ನಿಲಯ ಬಗ್ಗೆ ಮಕ್ಕಳ ಆಹಾರದ ಬಗ್ಗೆ ಪ್ರಶ್ನಿಸಿದ್ದಕ್ಕೆ ಹಲ್ಲೆ ಮಾಡಿದ್ದಾರೆ. ದಿ: 12/07/2025ರಂದು ಮತ್ತೆ ಜಾತಿ ನಿಂದನೆ ಮಾಡಿ ಸುಮಾರು 7:30 ರಿಂದ 9:00 ಗಂಟೆಯವರೆಗೆ ಮಕ್ಕಳನ್ನು ಕೂಡಿ ಹಾಕಿದ್ದಾರೆ ಎಂದು ಆರೋಪಿಸಿದ್ದಾರೆ. ಈ ಬಗ್ಗೆ ಸೂಕ್ತ ತನಿಖೆ ನಡೆಸಿ ಕ್ರಮ ಕೈಗೊಳ್ಳಬೇಕೆಂದು ಹಾಗೂ ವಾರ್ಡನ್ ವಿರುದ್ಧ ಶಿಸ್ತು ಕ್ರಮ ಕೈಗೊಳ್ಳಬೇಕು ಎಂದು ಸ್ವಾಮೀಜಿ 20 ಲಕ್ಷ ರೂ ಪರಿಹಾರಕ್ಕೂ ಒತ್ತಾಯಿಸಿ ಜಿಲ್ಲಾ ಪೊಲೀಸ್ ವರಿಷ್ಠಾಧಿಕಾರಿ ಅಶೋಕ್ ಅವರಿಗೆ ಸಲ್ಲಿಸಿದ್ದಾರೆ.
ಅರ್ಜಿ ಆಹ್ವಾನ
ತುಮಕೂರು: ಹಿಂದುಳಿದ ವರ್ಗಗಳ ಕಲ್ಯಾಣ ಇಲಾಖೆ ವ್ಯಾಪ್ತಿಯಲ್ಲಿರುವ ಮೆಟ್ರಿಕ್ ನಂತರದ ವಿದ್ಯಾರ್ಥಿ ನಿಲಯಗಳ ಪ್ರವೇಶಕ್ಕಾಗಿ ಅರ್ಹ ವಿದ್ಯಾರ್ಥಿಗಳಿಂದ ಆನ್ಲೈನ್ ಮೂಲಕ ಅರ್ಜಿ ಆಹ್ವಾನಿಸಲಾಗಿದೆ ಎಂದು ಜಿಲ್ಲಾ ಹಿಂದುಳಿದ ವರ್ಗಗಳ ಕಲ್ಯಾಣಾಧಿಕಾರಿ ಸೀನಿಯರ್ ವಾರ್ಡನ್ ತಿಳಿಸಿದ್ದಾರೆ.
ಸರ್ಕಾರಿ ಶಾಲೆಗೆ ಹಳೆ ವಿದ್ಯಾರ್ಥಿಗಳಿಂದ ಬಣ್ಣ
ಖಾಸಗಿ ಶಾಲೆಗಳಿಗೆ ಕಮ್ಮಿಯಿಲ್ಲ ನಮ್ಮೂರ ಶಾಲೆ: ಟಿ.ಆರ್.ಪುರುಷೋತ್ತಮ
ವೈ.ಎನ್.ಹೊಸಕೋಟೆ : ಹೋಬಳಿ ತಿಪ್ಪಯ್ಯನಪಾಳ್ಯ ಗ್ರಾಮದ ಸರ್ಕಾರಿ ಹಿರಿಯ ಪ್ರಾಥಮಿಕ ಶಾಲೆ ಆರೇಳು ವರ್ಷದಿಂದ ಸುಣ್ಣ-ಬಣ್ಣ ಕಾಣದೆ ಸೊರಗಿತ್ತು. ಈ ಶಾಲೆಯಲ್ಲಿ ಓದಿದ ಹಳೆ ವಿದ್ಯಾರ್ಥಿಗಳು ಶಾಲೆಯ ಸ್ಥಿತಿ ಕಂಡು ಮರುಗಿ ತಾವೇ ಹಣ ಸಂಗ್ರಹಿಸಿ ಶಾಲೆಗೆ ಬಣ್ಣ ಬಳಿಯುವ ಕಾರ್ಯಕ್ಕೆ ಮುಂದಾಗಿದ್ದಾರೆ. ಶಾಲೆಯ ಗೋಡೆಗಳಿಗೆ ಆಕರ್ಷಕ ಬಣ್ಣ ಬಳಿದು, ಚಿತ್ತಾರ ಬಿಡಿಸಿ ಶಾಲೆಗೆ ಹೊಸ ರೂಪ ನೀಡಿದ್ದಾರೆ. ಹಲವು ವರ್ಷಗಳಿಂದ ಈ ಶಾಲೆಯ ಕಟ್ಟಡ ಶಿಥಿಲಾವಸ್ಥೆಯಲ್ಲಿತ್ತು. ಕೊಠಡಿಗಳ ಗೋಡೆಗಳು ಬಣ್ಣ ಕಳೆದುಕೊಂಡು ಮಕ್ಕಳಲ್ಲಿ ಉತ್ಸಾಹ ಕಡಿಮೆಯಾಗಿತ್ತು. ಇದನ್ನು ಗಮನಿಸಿದ ಹಳೆ ವಿದ್ಯಾರ್ಥಿಗಳು ಶ್ರಮದಾನದ ಮೂಲಕ ಬಣ್ಣ ಬಳಿದಿದ್ದಾರೆ. ಶಾಲೆಯ ಶಿಕ್ಷಕರು, ಎಸ್.ಡಿ.ಎಂ.ಸಿ ಸದಸ್ಯರು ಮತ್ತು ಗ್ರಾಮಸ್ಥರು ಹಳೆ ವಿದ್ಯಾರ್ಥಿಗಳ ಕಾರ್ಯಕ್ಕೆ ಮೆಚ್ಚುಗೆ ವ್ಯಕ್ತಪಡಿಸಿದ್ದಾರೆ.
ಸಂಕೇತವಾಗಿದೆ ಎನ್ನುತ್ತಾರೆ ಮುಖ್ಯಶಿಕ್ಷಕ ಟಿ.ಆರ್.ಪುರುಷೋತ್ತಮ. ನಮ್ಮ ಜ್ಞಾನವನ್ನು ನೀಡಿದ ಶಾಲೆಯ ಋಣ ತೀರಿಸಲು ನಮ್ಮ ಕರ್ತವ್ಯವಾಗಿದೆ. ಸರ್ಕಾರಿ ಶಾಲೆಗಳು ಯಾವುದೇ ಖಾಸಗಿ ಶಾಲೆಗಳಿಗೆ ಕಡಿಮೆಯಿಲ್ಲ ಎಂಬುದನ್ನು ತೋರಿಸಲು ಈ ಪ್ರಯತ್ನ ಮಾಡಿದ್ದೇವೆ ಎಂದು ಹಳೆ ವಿದ್ಯಾರ್ಥಿಗಳು ತಿಳಿಸಿದರು. ಈ ಸಂದರ್ಭದಲ್ಲಿ ಹಳೆ ವಿದ್ಯಾರ್ಥಿಗಳಾದ ಶರತ್, ಶಶಿಕುಮಾರ್, ಲಕ್ಷ್ಮೀನಾರಾಯಣ, ಹರೀಶ್, ಪ್ರಕಾಶ, ಮನೀಶ, ಪ್ರದೀಪ್, ನವೀನ್, ಅಜಯ್ ಕುಮಾರ್, ದಿಲೀಪ್
ಇದ್ದರು. ಹಳೆಯ ವಿದ್ಯಾರ್ಥಿಗಳ ಕಾರ್ಯವನ್ನು ಮುಖ್ಯಶಿಕ್ಷಕ ಪುರುಷೋತ್ತಮ, ಶಿಕ್ಷಕರಾದ ಗೀತಮ್ಮ ಮತ್ತು ಗ್ರಾಮಸ್ಥರು ಶ್ಲಾಘಿಸಿದರು. ಸರ್ಕಾರಿ ಶಾಲೆಗಳ ಹಳೆಯ ವಿದ್ಯಾರ್ಥಿಗಳು ತಮ್ಮ ಶಾಲೆಗಳ ಅಭಿವೃದ್ಧಿಗೆ ಕೈಜೋಡಿಸಿದರೆ ಶಾಲೆಗಳು ಮಾದರಿಯಾಗಿ ರೂಪುಗೊಳ್ಳಲು ಸಾಧ್ಯ. ದಾನಿಗಳು ಕಲಿತ ಶಾಲೆಗೆ ಸೌಲಭ್ಯ ಕಲ್ಪಿಸುವುದು ಹೆಮ್ಮೆಯ ವಿಷಯ ಎಂದರು.
ಪಿ.ಆರ್.ಪಿ ನೇರಂದ್ರಸ್ವಾಮಿ ತಿಳಿಸಿದರು. ಖಾಸಗಿ ಶಾಲೆಗಳ ವ್ಯಾಮೋಹದಿಂದ ಪೋಷಕರು ಮಕ್ಕಳನ್ನು ಸರ್ಕಾರಿ ಶಾಲೆಗಳ ಬಗ್ಗೆ ತಾತ್ಸಾರ ಮನೋಭಾವ ಹೊಂದುತ್ತಿದ್ದಾರೆ. ಆದರೆ ವಿದ್ಯಾಭ್ಯಾಸಕ್ಕಾಗಿ, ಹಳೆ ವಿದ್ಯಾರ್ಥಿಗಳು ಮುತುವರ್ಜಿಯಿಂದ ಸರ್ಕಾರಿ ಶಾಲೆಗಳ ಅಭಿವೃದ್ಧಿಗೆ ಕಾಳಜಿ ವಹಿಸಬೇಕು. ಈ ಶಾಲೆಯ ಹಳೆಯ ವಿದ್ಯಾರ್ಥಿಗಳು ಉತ್ತಮ ಕೆಲಸ ಮಾಡಿದ್ದಾರೆ ಎಂದು ಎಸ್.ಡಿ.ಎಂ.ಸಿ ಅಧ್ಯಕ್ಷ ಟಿ.ಕೆ.ಮಂಜುನಾಥ ಪ್ರಶಂಸಿಸಿದರು.
